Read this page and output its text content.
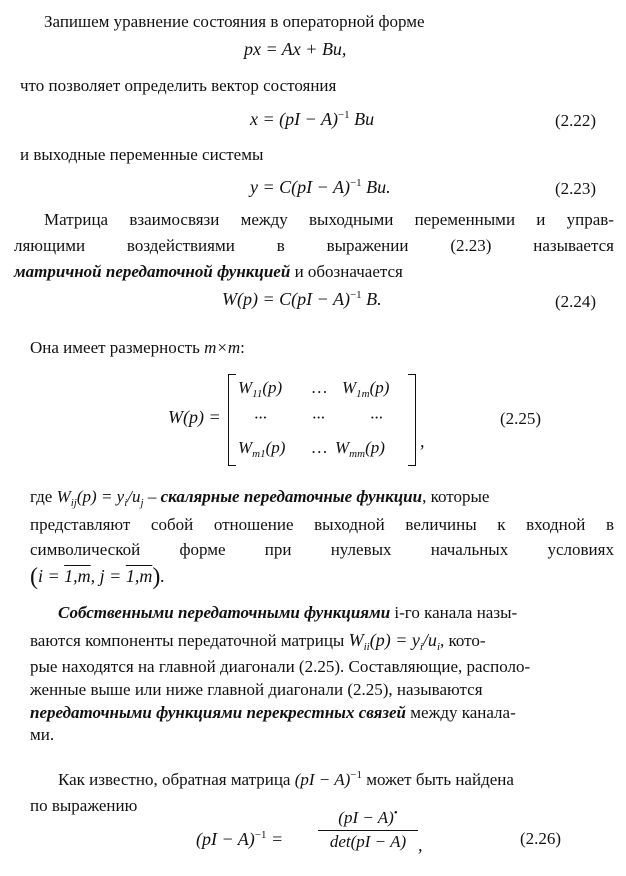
Запишем уравнение состояния в операторной форме
px = Ax + Bu,
что позволяет определить вектор состояния
x = (pI − A)$^{-1}$ Bu	(2.22)
и выходные переменные системы
y = C(pI − A)$^{-1}$ Bu.	(2.23)
Матрица взаимосвязи между выходными переменными и управ-
ляющими воздействиями в выражении (2.23) называется
матричной передаточной функцией и обозначается
W(p) = C(pI − A)$^{-1}$ B.	(2.24)
Она имеет размерность m×m:
W(p) =
$W_{11}(p)$ … $W_{1m}(p)$
···	···	···
$W_{m1}(p)$ … $W_{mm}(p)$ ,
(2.25)
где $W_{ij}(p) = y_i/u_j$ – скалярные передаточные функции, которые
представляют собой отношение выходной величины к входной в
символической форме при нулевых начальных условиях
(i = 1,m, j = 1,m).
Собственными передаточными функциями i-го канала назы-
ваются компоненты передаточной матрицы $W_{ii}(p) = y_i/u_i$, кото-
рые находятся на главной диагонали (2.25). Составляющие, располо-
женные выше или ниже главной диагонали (2.25), называются
передаточными функциями перекрестных связей между канала-
ми.
Как известно, обратная матрица (pI − A)$^{-1}$ может быть найдена
по выражению
(pI − A)$^{-1}$ =
(pI − A)•
det(pI − A) ,	(2.26)
